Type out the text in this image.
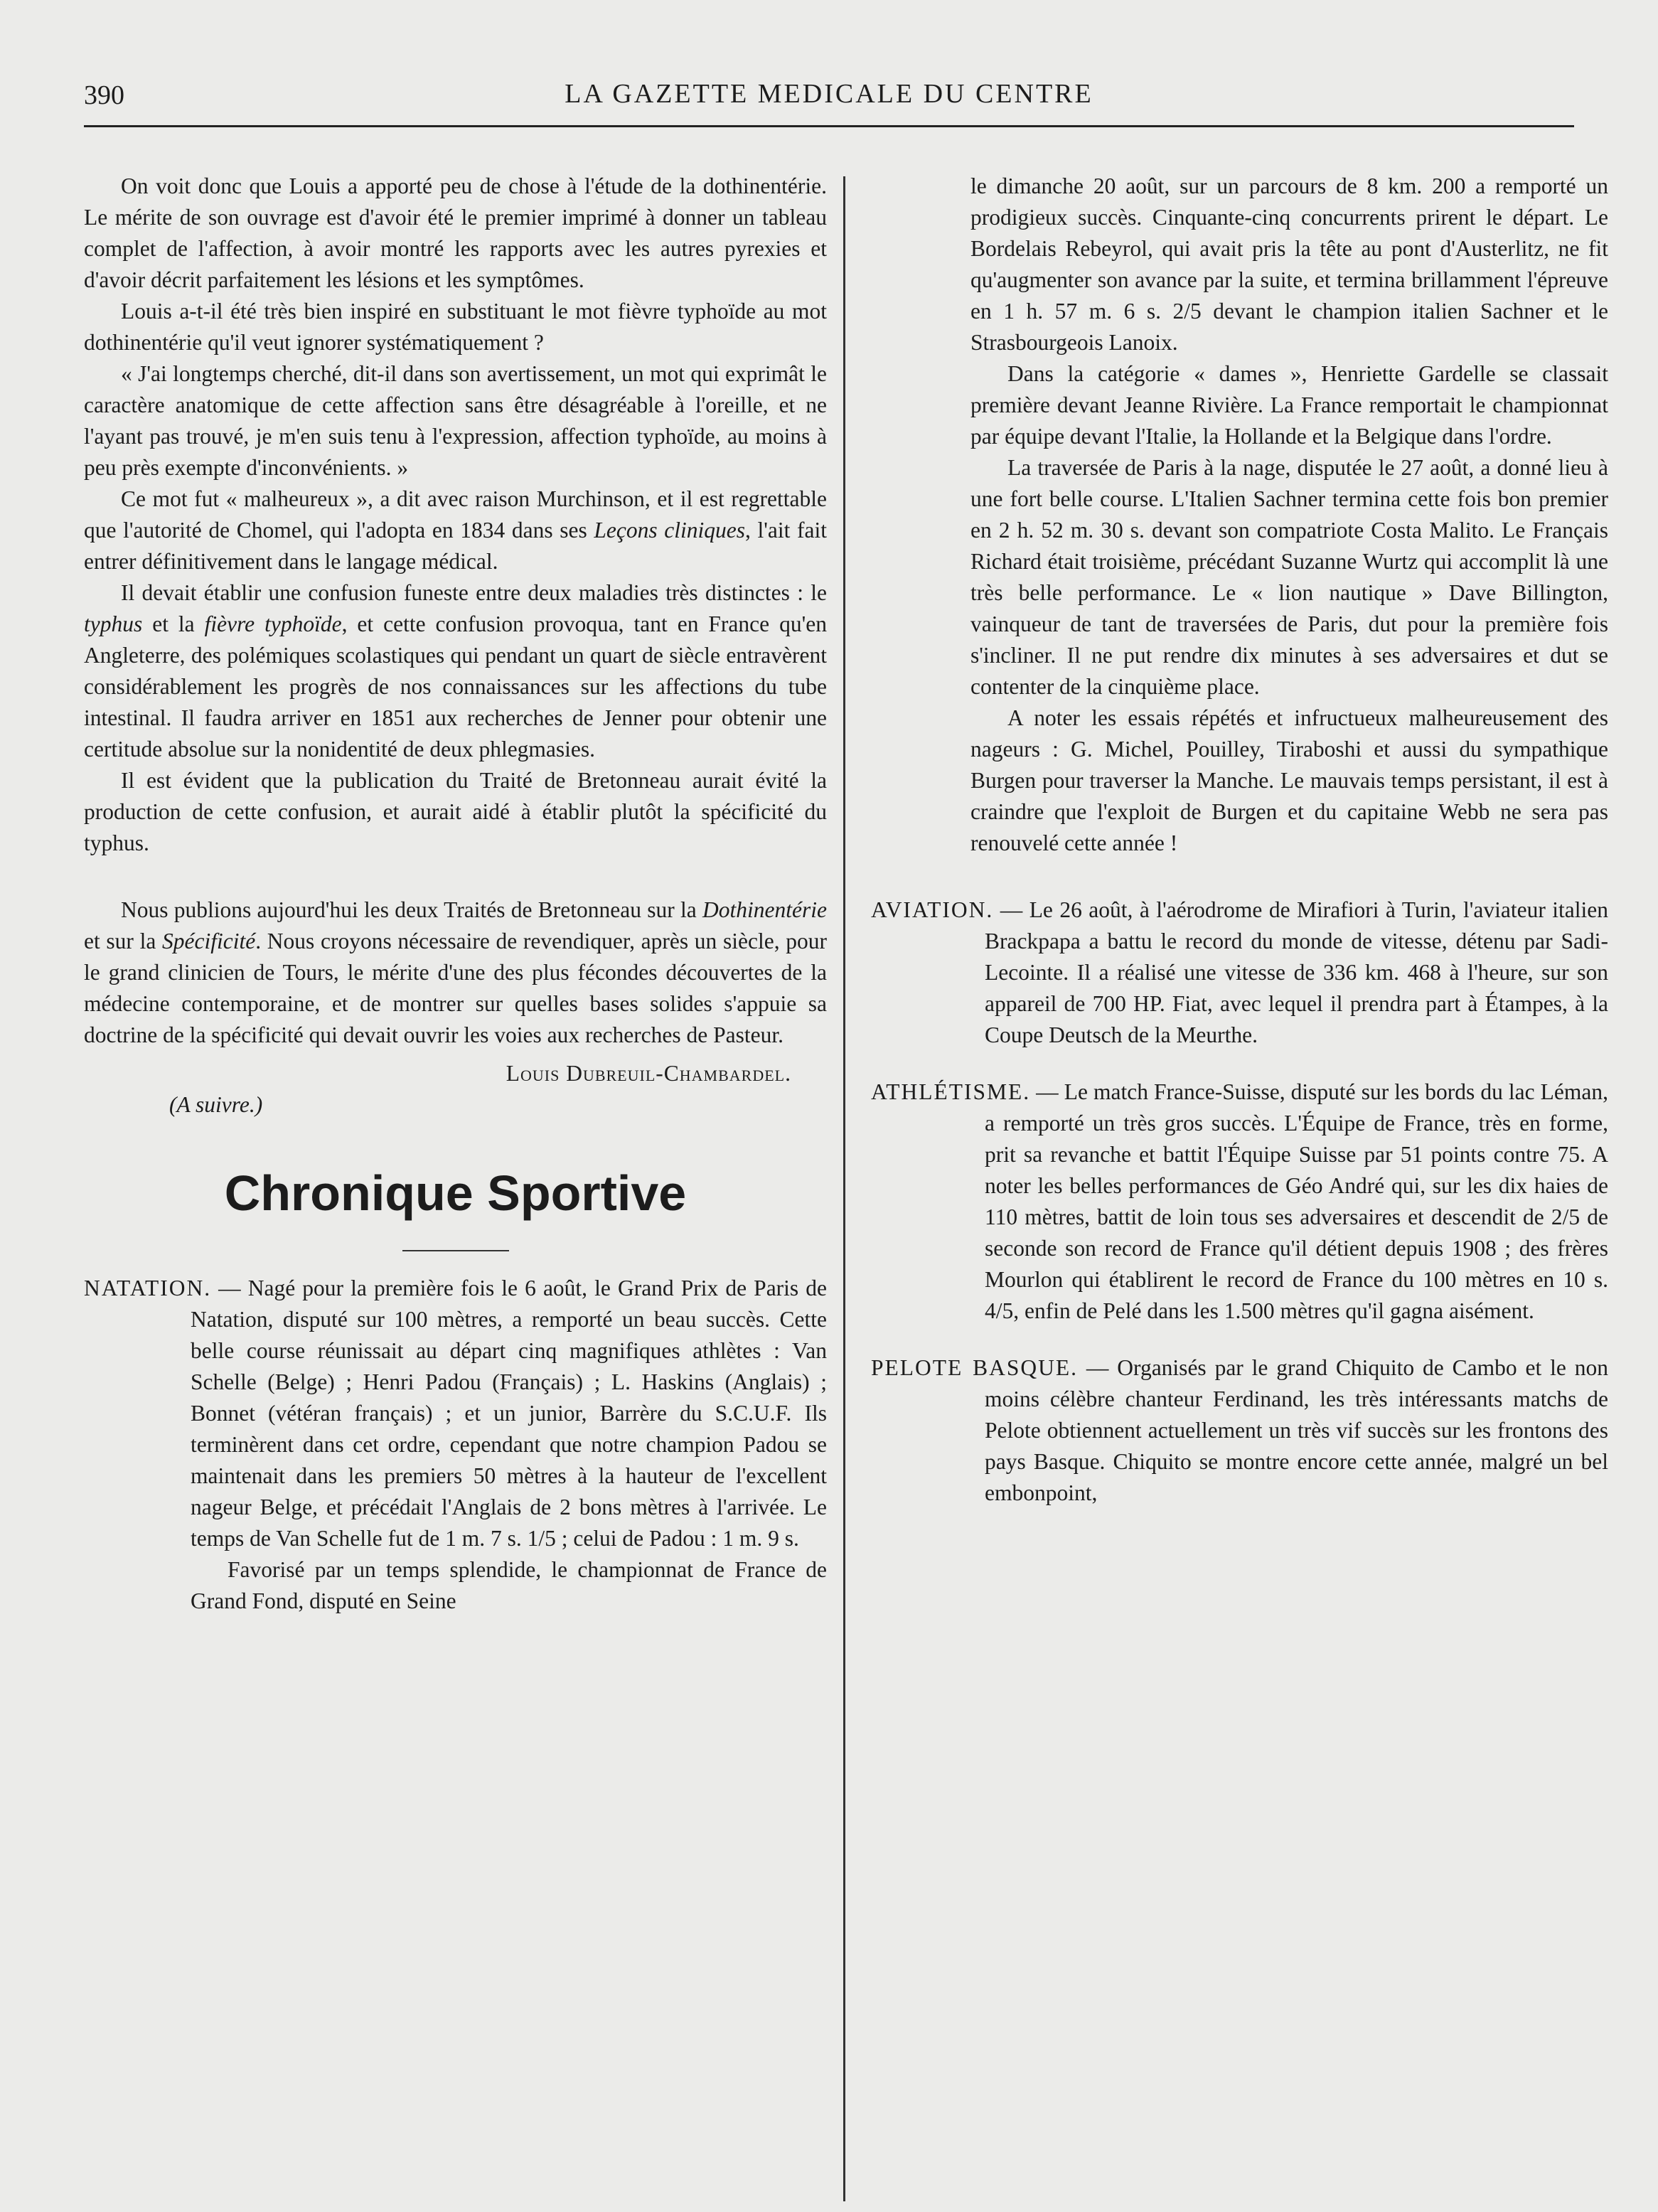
390	LA GAZETTE MEDICALE DU CENTRE

On voit donc que Louis a apporté peu de chose à l'étude de la dothinentérie. Le mérite de son ouvrage est d'avoir été le premier imprimé à donner un tableau complet de l'affection, à avoir montré les rapports avec les autres pyrexies et d'avoir décrit parfaitement les lésions et les symptômes.

Louis a-t-il été très bien inspiré en substituant le mot fièvre typhoïde au mot dothinentérie qu'il veut ignorer systématiquement ?

« J'ai longtemps cherché, dit-il dans son avertissement, un mot qui exprimât le caractère anatomique de cette affection sans être désagréable à l'oreille, et ne l'ayant pas trouvé, je m'en suis tenu à l'expression, affection typhoïde, au moins à peu près exempte d'inconvénients. »

Ce mot fut « malheureux », a dit avec raison Murchinson, et il est regrettable que l'autorité de Chomel, qui l'adopta en 1834 dans ses Leçons cliniques, l'ait fait entrer définitivement dans le langage médical.

Il devait établir une confusion funeste entre deux maladies très distinctes : le typhus et la fièvre typhoïde, et cette confusion provoqua, tant en France qu'en Angleterre, des polémiques scolastiques qui pendant un quart de siècle entravèrent considérablement les progrès de nos connaissances sur les affections du tube intestinal. Il faudra arriver en 1851 aux recherches de Jenner pour obtenir une certitude absolue sur la nonidentité de deux phlegmasies.

Il est évident que la publication du Traité de Bretonneau aurait évité la production de cette confusion, et aurait aidé à établir plutôt la spécificité du typhus.

Nous publions aujourd'hui les deux Traités de Bretonneau sur la Dothinentérie et sur la Spécificité. Nous croyons nécessaire de revendiquer, après un siècle, pour le grand clinicien de Tours, le mérite d'une des plus fécondes découvertes de la médecine contemporaine, et de montrer sur quelles bases solides s'appuie sa doctrine de la spécificité qui devait ouvrir les voies aux recherches de Pasteur.

Louis Dubreuil-Chambardel.

(A suivre.)

Chronique Sportive

NATATION. — Nagé pour la première fois le 6 août, le Grand Prix de Paris de Natation, disputé sur 100 mètres, a remporté un beau succès. Cette belle course réunissait au départ cinq magnifiques athlètes : Van Schelle (Belge) ; Henri Padou (Français) ; L. Haskins (Anglais) ; Bonnet (vétéran français) ; et un junior, Barrère du S.C.U.F. Ils terminèrent dans cet ordre, cependant que notre champion Padou se maintenait dans les premiers 50 mètres à la hauteur de l'excellent nageur Belge, et précédait l'Anglais de 2 bons mètres à l'arrivée. Le temps de Van Schelle fut de 1 m. 7 s. 1/5 ; celui de Padou : 1 m. 9 s.

Favorisé par un temps splendide, le championnat de France de Grand Fond, disputé en Seine

le dimanche 20 août, sur un parcours de 8 km. 200 a remporté un prodigieux succès. Cinquante-cinq concurrents prirent le départ. Le Bordelais Rebeyrol, qui avait pris la tête au pont d'Austerlitz, ne fit qu'augmenter son avance par la suite, et termina brillamment l'épreuve en 1 h. 57 m. 6 s. 2/5 devant le champion italien Sachner et le Strasbourgeois Lanoix.

Dans la catégorie « dames », Henriette Gardelle se classait première devant Jeanne Rivière. La France remportait le championnat par équipe devant l'Italie, la Hollande et la Belgique dans l'ordre.

La traversée de Paris à la nage, disputée le 27 août, a donné lieu à une fort belle course. L'Italien Sachner termina cette fois bon premier en 2 h. 52 m. 30 s. devant son compatriote Costa Malito. Le Français Richard était troisième, précédant Suzanne Wurtz qui accomplit là une très belle performance. Le « lion nautique » Dave Billington, vainqueur de tant de traversées de Paris, dut pour la première fois s'incliner. Il ne put rendre dix minutes à ses adversaires et dut se contenter de la cinquième place.

A noter les essais répétés et infructueux malheureusement des nageurs : G. Michel, Pouilley, Tiraboshi et aussi du sympathique Burgen pour traverser la Manche. Le mauvais temps persistant, il est à craindre que l'exploit de Burgen et du capitaine Webb ne sera pas renouvelé cette année !

AVIATION. — Le 26 août, à l'aérodrome de Mirafiori à Turin, l'aviateur italien Brackpapa a battu le record du monde de vitesse, détenu par Sadi-Lecointe. Il a réalisé une vitesse de 336 km. 468 à l'heure, sur son appareil de 700 HP. Fiat, avec lequel il prendra part à Étampes, à la Coupe Deutsch de la Meurthe.

ATHLÉTISME. — Le match France-Suisse, disputé sur les bords du lac Léman, a remporté un très gros succès. L'Équipe de France, très en forme, prit sa revanche et battit l'Équipe Suisse par 51 points contre 75. A noter les belles performances de Géo André qui, sur les dix haies de 110 mètres, battit de loin tous ses adversaires et descendit de 2/5 de seconde son record de France qu'il détient depuis 1908 ; des frères Mourlon qui établirent le record de France du 100 mètres en 10 s. 4/5, enfin de Pelé dans les 1.500 mètres qu'il gagna aisément.

PELOTE BASQUE. — Organisés par le grand Chiquito de Cambo et le non moins célèbre chanteur Ferdinand, les très intéressants matchs de Pelote obtiennent actuellement un très vif succès sur les frontons des pays Basque. Chiquito se montre encore cette année, malgré un bel embonpoint,
